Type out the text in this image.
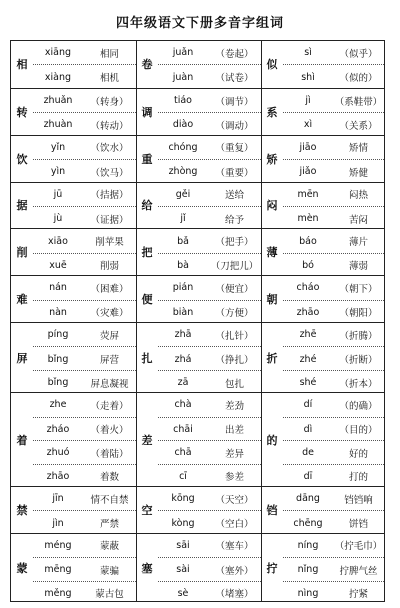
四年级语文下册多音字组词
相
xiāng	相同
xiàng	相机
转
zhuǎn	（转身）
zhuàn	（转动）
饮
yǐn	（饮水）
yìn	（饮马）
据
jū	（拮据）
jù	（证据）
削
xiāo	削苹果
xuē	削弱
难
nán	（困难）
nàn	（灾难）
屏
píng	荧屏
bǐng	屏营
bǐng	屏息凝视
着
zhe	（走着）
zháo	（着火）
zhuó	（着陆）
zhāo	着数
禁
jīn	情不自禁
jìn	严禁
蒙
méng	蒙蔽
mēng	蒙骗
měng	蒙古包
卷
juǎn	（卷起）
juàn	（试卷）
调
tiáo	（调节）
diào	（调动）
重
chóng	（重复）
zhòng	（重要）
给
gěi	送给
jǐ	给予
把
bǎ	（把手）
bà	（刀把儿）
便
pián	（便宜）
biàn	（方便）
扎
zhā	（扎针）
zhá	（挣扎）
zā	包扎
差
chà	差劲
chāi	出差
chā	差异
cī	参差
空
kōng	（天空）
kòng	（空白）
塞
sāi	（塞车）
sài	（塞外）
sè	（堵塞）
似
sì	（似乎）
shì	（似的）
系
jì	（系鞋带）
xì	（关系）
矫
jiāo	矫情
jiǎo	矫健
闷
mēn	闷热
mèn	苦闷
薄
báo	薄片
bó	薄弱
朝
cháo	（朝下）
zhāo	（朝阳）
折
zhē	（折腾）
zhé	（折断）
shé	（折本）
的
dí	（的确）
dì	（目的）
de	好的
dī	打的
铛
dāng	铛铛响
chēng	饼铛
拧
níng	（拧毛巾）
nǐng	拧脾气丝
nìng	拧紧
